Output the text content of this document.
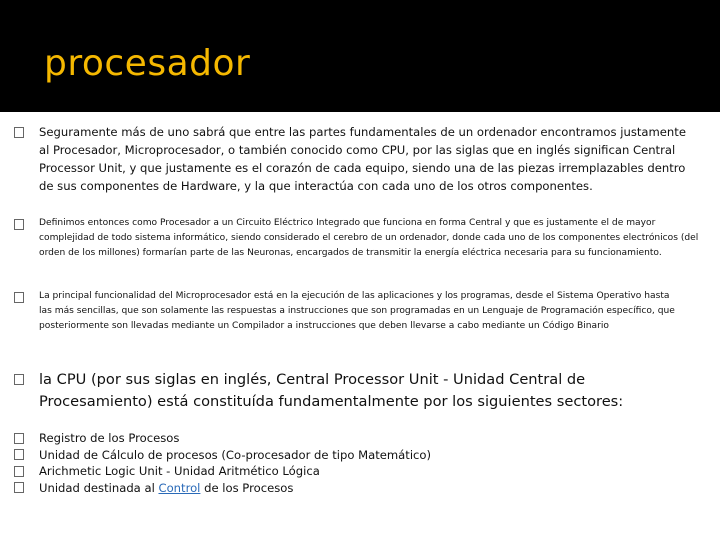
procesador
Seguramente más de uno sabrá que entre las partes fundamentales de un ordenador encontramos justamente al Procesador, Microprocesador, o también conocido como CPU, por las siglas que en inglés significan Central Processor Unit, y que justamente es el corazón de cada equipo, siendo una de las piezas irremplazables dentro de sus componentes de Hardware, y la que interactúa con cada uno de los otros componentes.
Definimos entonces como Procesador a un Circuito Eléctrico Integrado que funciona en forma Central y que es justamente el de mayor complejidad de todo sistema informático, siendo considerado el cerebro de un ordenador, donde cada uno de los componentes electrónicos (del orden de los millones) formarían parte de las Neuronas, encargados de transmitir la energía eléctrica necesaria para su funcionamiento.
La principal funcionalidad del Microprocesador está en la ejecución de las aplicaciones y los programas, desde el Sistema Operativo hasta las más sencillas, que son solamente las respuestas a instrucciones que son programadas en un Lenguaje de Programación específico, que posteriormente son llevadas mediante un Compilador a instrucciones que deben llevarse a cabo mediante un Código Binario
la CPU (por sus siglas en inglés, Central Processor Unit - Unidad Central de Procesamiento) está constituída fundamentalmente por los siguientes sectores:
Registro de los Procesos
Unidad de Cálculo de procesos (Co-procesador de tipo Matemático)
Arichmetic Logic Unit - Unidad Aritmético Lógica
Unidad destinada al Control de los Procesos
